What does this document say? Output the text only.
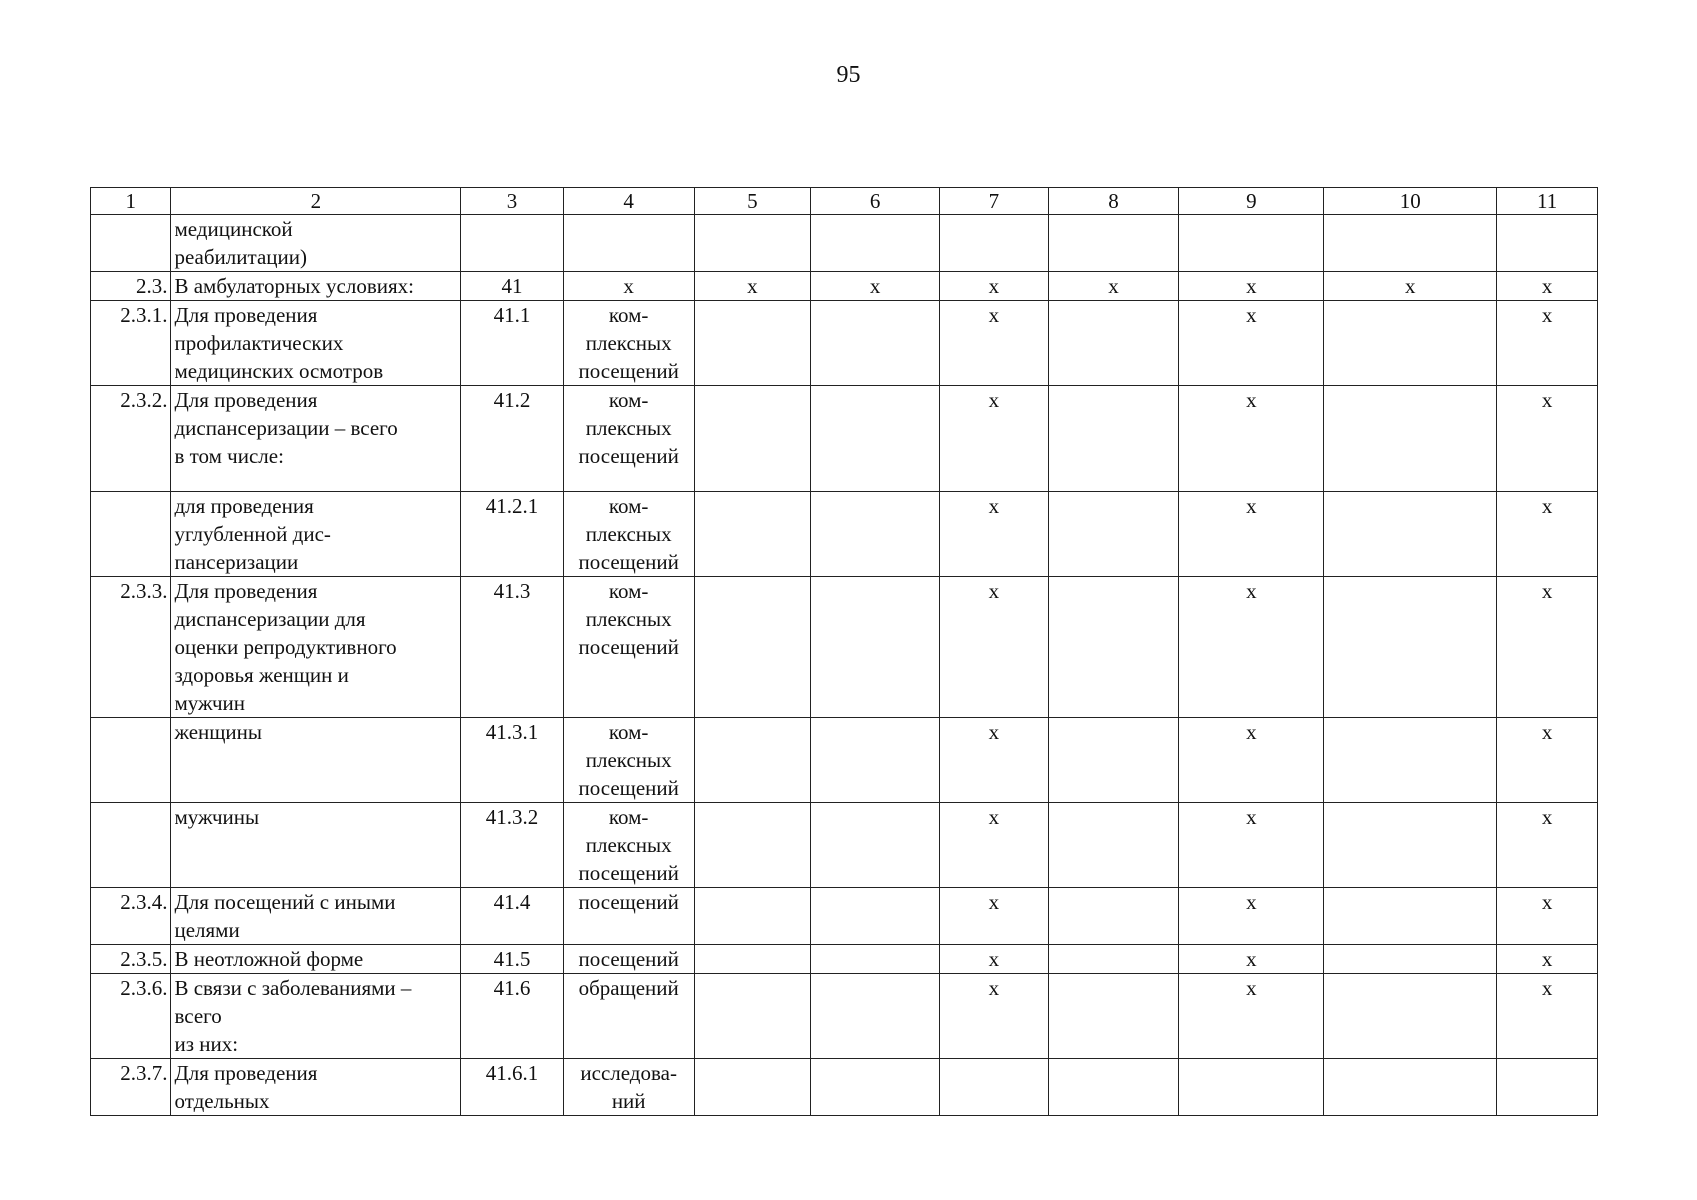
95
1	2	3	4	5	6	7	8	9	10	11

	медицинской
реабилитации)									

2.3.	В амбулаторных условиях:	41	х	х	х	х	х	х	х	х

2.3.1.	Для проведения
профилактических
медицинских осмотров	41.1	ком-
плексных
посещений			х		х		х

2.3.2.	Для проведения
диспансеризации – всего
в том числе:	41.2	ком-
плексных
посещений			х		х		х

	для проведения
углубленной дис-
пансеризации	41.2.1	ком-
плексных
посещений			х		х		х

2.3.3.	Для проведения
диспансеризации для
оценки репродуктивного
здоровья женщин и
мужчин	41.3	ком-
плексных
посещений			х		х		х

	женщины	41.3.1	ком-
плексных
посещений			х		х		х

	мужчины	41.3.2	ком-
плексных
посещений			х		х		х

2.3.4.	Для посещений с иными
целями	41.4	посещений			х		х		х

2.3.5.	В неотложной форме	41.5	посещений			х		х		х

2.3.6.	В связи с заболеваниями –
всего
из них:	41.6	обращений			х		х		х

2.3.7.	Для проведения
отдельных	41.6.1	исследова-
ний							
